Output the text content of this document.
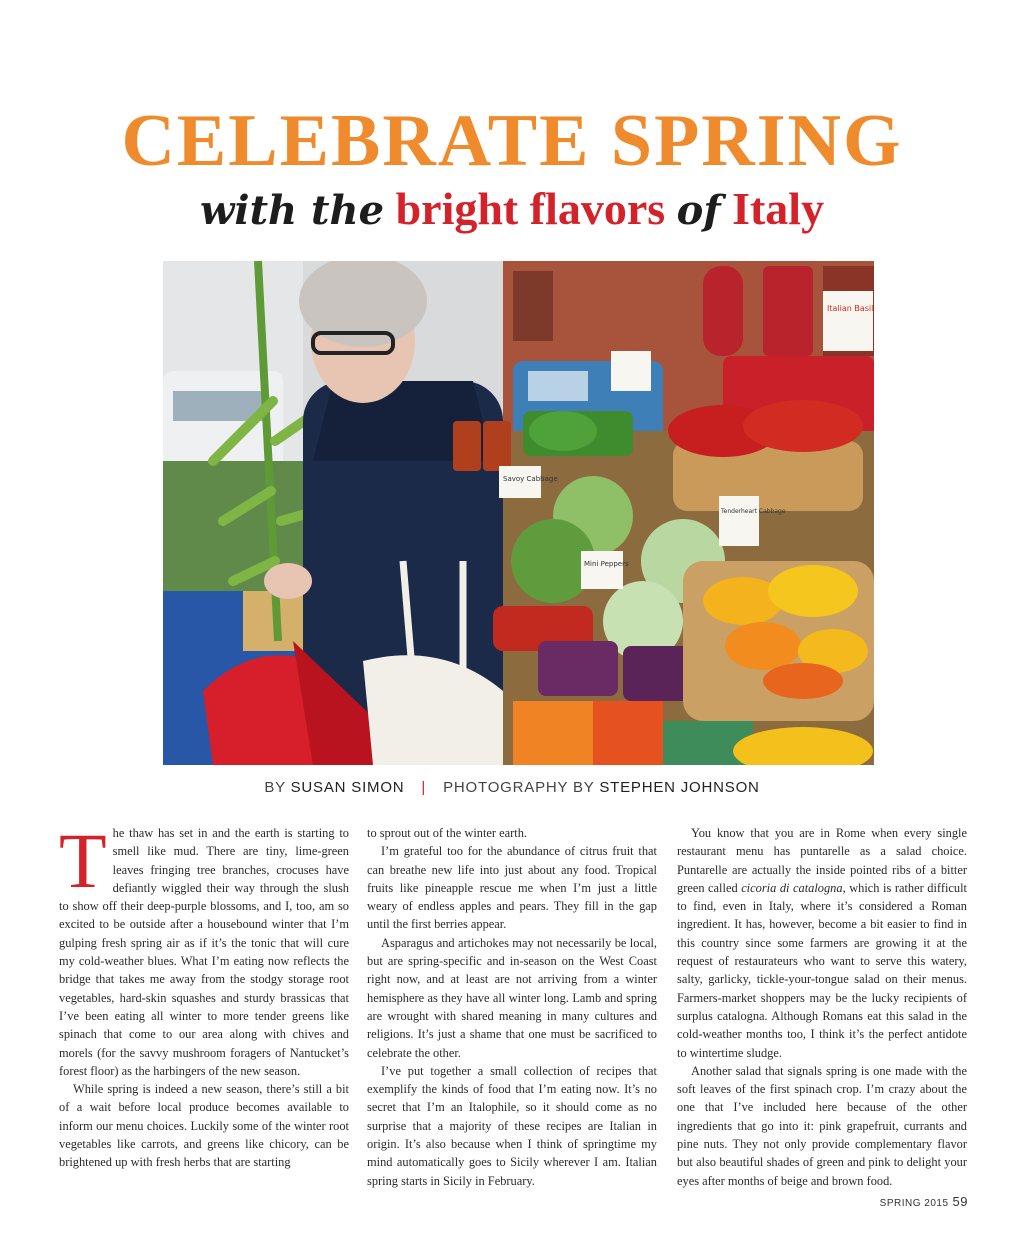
CELEBRATE SPRING
with the bright flavors of Italy
Italian Basil
Savoy Cabbage
Tenderheart Cabbage
Mini Peppers
BY SUSAN SIMON | PHOTOGRAPHY BY STEPHEN JOHNSON
T he thaw has set in and the earth is starting to smell like mud. There are tiny, lime-green leaves fringing tree branches, crocuses have defiantly wiggled their way through the slush to show off their deep-purple blossoms, and I, too, am so excited to be outside after a housebound winter that I’m gulping fresh spring air as if it’s the tonic that will cure my cold-weather blues. What I’m eating now reflects the bridge that takes me away from the stodgy storage root vegetables, hard-skin squashes and sturdy brassicas that I’ve been eating all winter to more tender greens like spinach that come to our area along with chives and morels (for the savvy mushroom foragers of Nantucket’s forest floor) as the harbingers of the new season.

While spring is indeed a new season, there’s still a bit of a wait before local produce becomes available to inform our menu choices. Luckily some of the winter root vegetables like carrots, and greens like chicory, can be brightened up with fresh herbs that are starting

to sprout out of the winter earth.

I’m grateful too for the abundance of citrus fruit that can breathe new life into just about any food. Tropical fruits like pineapple rescue me when I’m just a little weary of endless apples and pears. They fill in the gap until the first berries appear.

Asparagus and artichokes may not necessarily be local, but are spring-specific and in-season on the West Coast right now, and at least are not arriving from a winter hemisphere as they have all winter long. Lamb and spring are wrought with shared meaning in many cultures and religions. It’s just a shame that one must be sacrificed to celebrate the other.

I’ve put together a small collection of recipes that exemplify the kinds of food that I’m eating now. It’s no secret that I’m an Italophile, so it should come as no surprise that a majority of these recipes are Italian in origin. It’s also because when I think of springtime my mind automatically goes to Sicily wherever I am. Italian spring starts in Sicily in February.

You know that you are in Rome when every single restaurant menu has puntarelle as a salad choice. Puntarelle are actually the inside pointed ribs of a bitter green called cicoria di catalogna, which is rather difficult to find, even in Italy, where it’s considered a Roman ingredient. It has, however, become a bit easier to find in this country since some farmers are growing it at the request of restaurateurs who want to serve this watery, salty, garlicky, tickle-your-tongue salad on their menus. Farmers-market shoppers may be the lucky recipients of surplus catalogna. Although Romans eat this salad in the cold-weather months too, I think it’s the perfect antidote to wintertime sludge.

Another salad that signals spring is one made with the soft leaves of the first spinach crop. I’m crazy about the one that I’ve included here because of the other ingredients that go into it: pink grapefruit, currants and pine nuts. They not only provide complementary flavor but also beautiful shades of green and pink to delight your eyes after months of beige and brown food.

SPRING 2015 59
